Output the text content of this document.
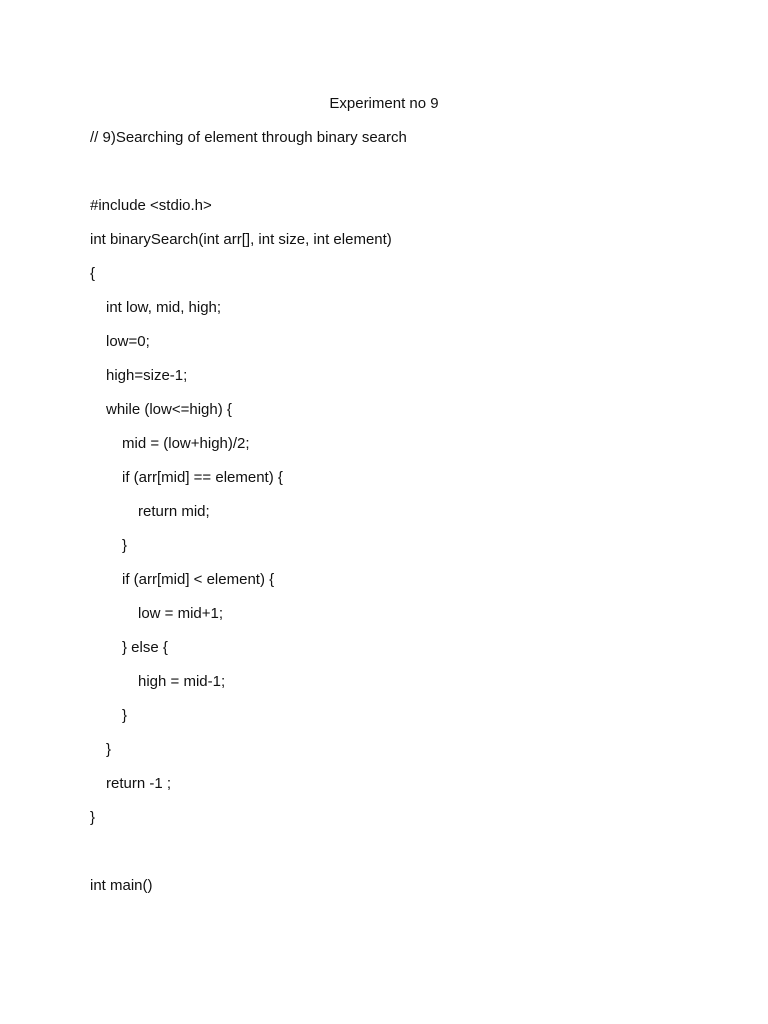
Experiment no 9
// 9)Searching of element through binary search
#include <stdio.h>
int binarySearch(int arr[], int size, int element)
{
int low, mid, high;
low=0;
high=size-1;
while (low<=high) {
mid = (low+high)/2;
if (arr[mid] == element) {
return mid;
}
if (arr[mid] < element) {
low = mid+1;
} else {
high = mid-1;
}
}
return -1 ;
}
int main()
